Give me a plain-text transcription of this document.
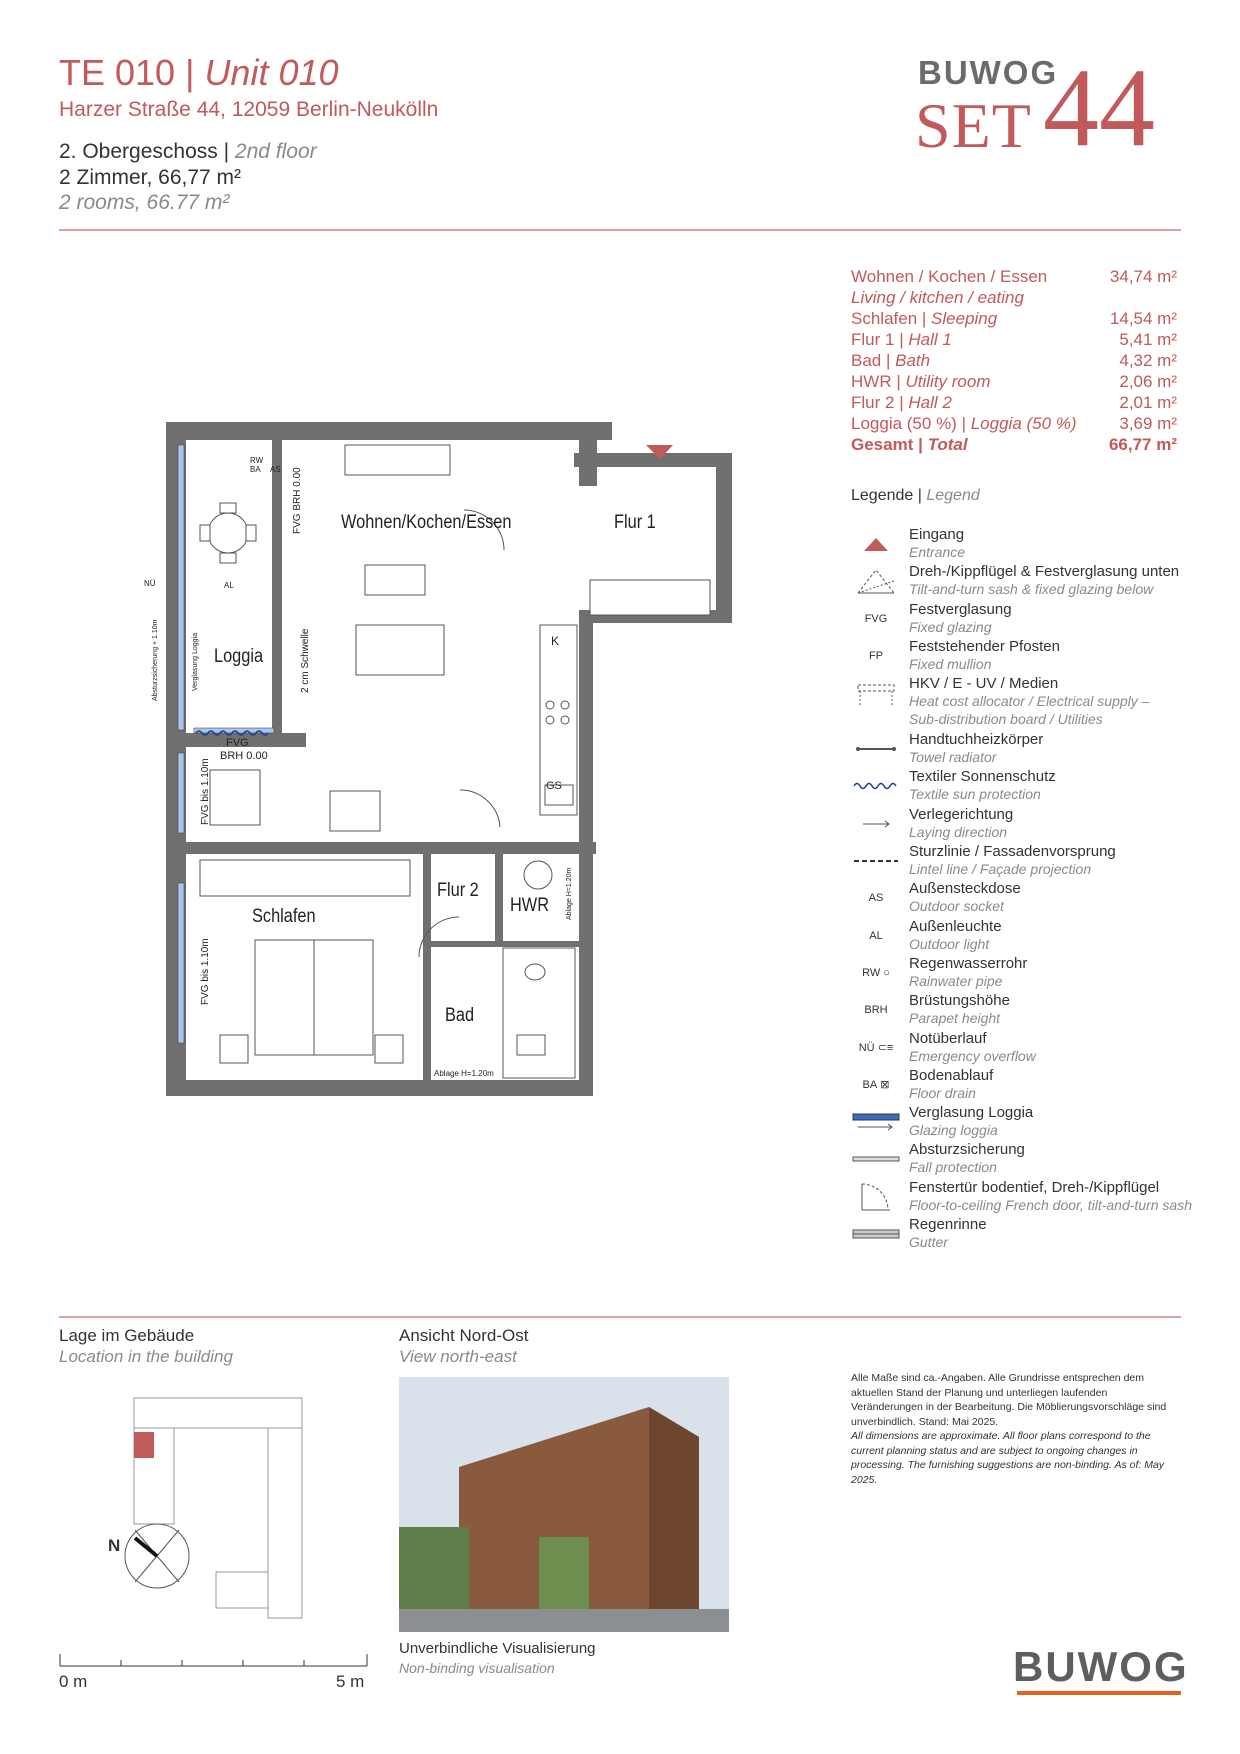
TE 010 | Unit 010
Harzer Straße 44, 12059 Berlin-Neukölln
2. Obergeschoss | 2nd floor
2 Zimmer, 66,77 m²
2 rooms, 66.77 m²
BUWOG
SET 44
Wohnen / Kochen / Essen	34,74 m²
Living / kitchen / eating
Schlafen | Sleeping	14,54 m²
Flur 1 | Hall 1	5,41 m²
Bad | Bath	4,32 m²
HWR | Utility room	2,06 m²
Flur 2 | Hall 2	2,01 m²
Loggia (50 %) | Loggia (50 %)	3,69 m²
Gesamt | Total	66,77 m²
Legende | Legend
Eingang
Entrance
Dreh-/Kippflügel & Festverglasung unten
Tilt-and-turn sash & fixed glazing below
FVG
Festverglasung
Fixed glazing
FP
Feststehender Pfosten
Fixed mullion
HKV / E - UV / Medien
Heat cost allocator / Electrical supply –
Sub-distribution board / Utilities
Handtuchheizkörper
Towel radiator
Textiler Sonnenschutz
Textile sun protection
Verlegerichtung
Laying direction
Sturzlinie / Fassadenvorsprung
Lintel line / Façade projection
AS
Außensteckdose
Outdoor socket
AL
Außenleuchte
Outdoor light
RW ○
Regenwasserrohr
Rainwater pipe
BRH
Brüstungshöhe
Parapet height
NÜ ⊂≡
Notüberlauf
Emergency overflow
BA ⊠
Bodenablauf
Floor drain
Verglasung Loggia
Glazing loggia
Absturzsicherung
Fall protection
Fenstertür bodentief, Dreh-/Kippflügel
Floor-to-ceiling French door, tilt-and-turn sash
Regenrinne
Gutter
Wohnen/Kochen/Essen	Flur 1
Loggia
Schlafen
Flur 2
HWR
Bad
FVG
BRH 0.00
K
GS
RW
BA
AL
AS
NÜ
Ablage H=1.20m
FVG BRH 0.00
2 cm Schwelle
FVG bis 1.10m
FVG bis 1.10m
Absturzsicherung + 1.10m	Verglasung Loggia
Ablage H=1.20m
Lage im Gebäude
Location in the building
Ansicht Nord-Ost
View north-east
N
0 m	5 m
Unverbindliche Visualisierung
Non-binding visualisation
Alle Maße sind ca.-Angaben. Alle Grundrisse entsprechen dem aktuellen Stand der Planung und unterliegen laufenden Veränderungen in der Bearbeitung. Die Möblierungsvorschläge sind unverbindlich. Stand: Mai 2025.
All dimensions are approximate. All floor plans correspond to the current planning status and are subject to ongoing changes in processing. The furnishing suggestions are non-binding. As of: May 2025.
BUWOG
